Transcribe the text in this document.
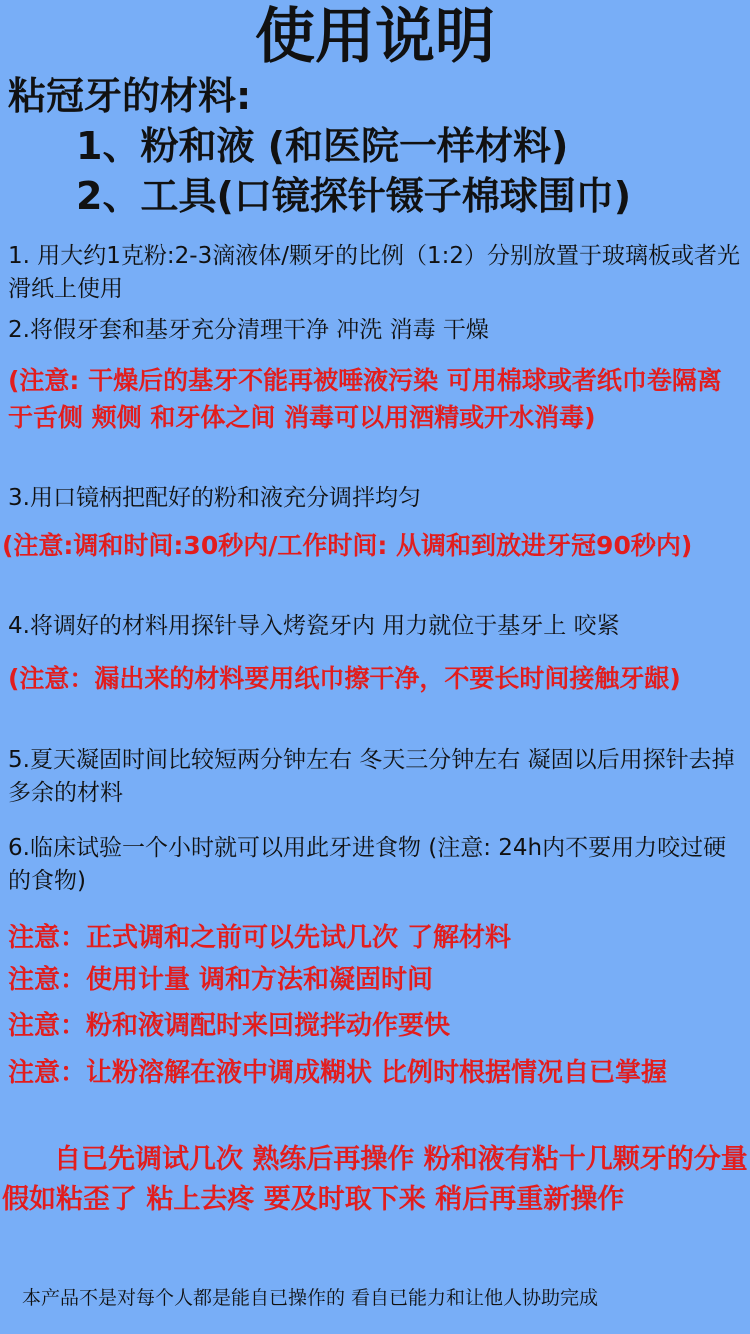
使用说明
粘冠牙的材料:
1、粉和液 (和医院一样材料)
2、工具(口镜探针镊子棉球围巾)
1. 用大约1克粉:2-3滴液体/颗牙的比例（1:2）分别放置于玻璃板或者光滑纸上使用
2.将假牙套和基牙充分清理干净 冲洗 消毒 干燥
(注意: 干燥后的基牙不能再被唾液污染 可用棉球或者纸巾卷隔离于舌侧 颊侧 和牙体之间 消毒可以用酒精或开水消毒)
3.用口镜柄把配好的粉和液充分调拌均匀
(注意:调和时间:30秒内/工作时间: 从调和到放进牙冠90秒内)
4.将调好的材料用探针导入烤瓷牙内 用力就位于基牙上 咬紧
(注意：漏出来的材料要用纸巾擦干净，不要长时间接触牙龈)
5.夏天凝固时间比较短两分钟左右 冬天三分钟左右 凝固以后用探针去掉多余的材料
6.临床试验一个小时就可以用此牙进食物 (注意: 24h内不要用力咬过硬的食物)
注意：正式调和之前可以先试几次 了解材料
注意：使用计量 调和方法和凝固时间
注意：粉和液调配时来回搅拌动作要快
注意：让粉溶解在液中调成糊状 比例时根据情况自已掌握
自已先调试几次 熟练后再操作 粉和液有粘十几颗牙的分量假如粘歪了 粘上去疼 要及时取下来 稍后再重新操作
本产品不是对每个人都是能自已操作的 看自已能力和让他人协助完成
